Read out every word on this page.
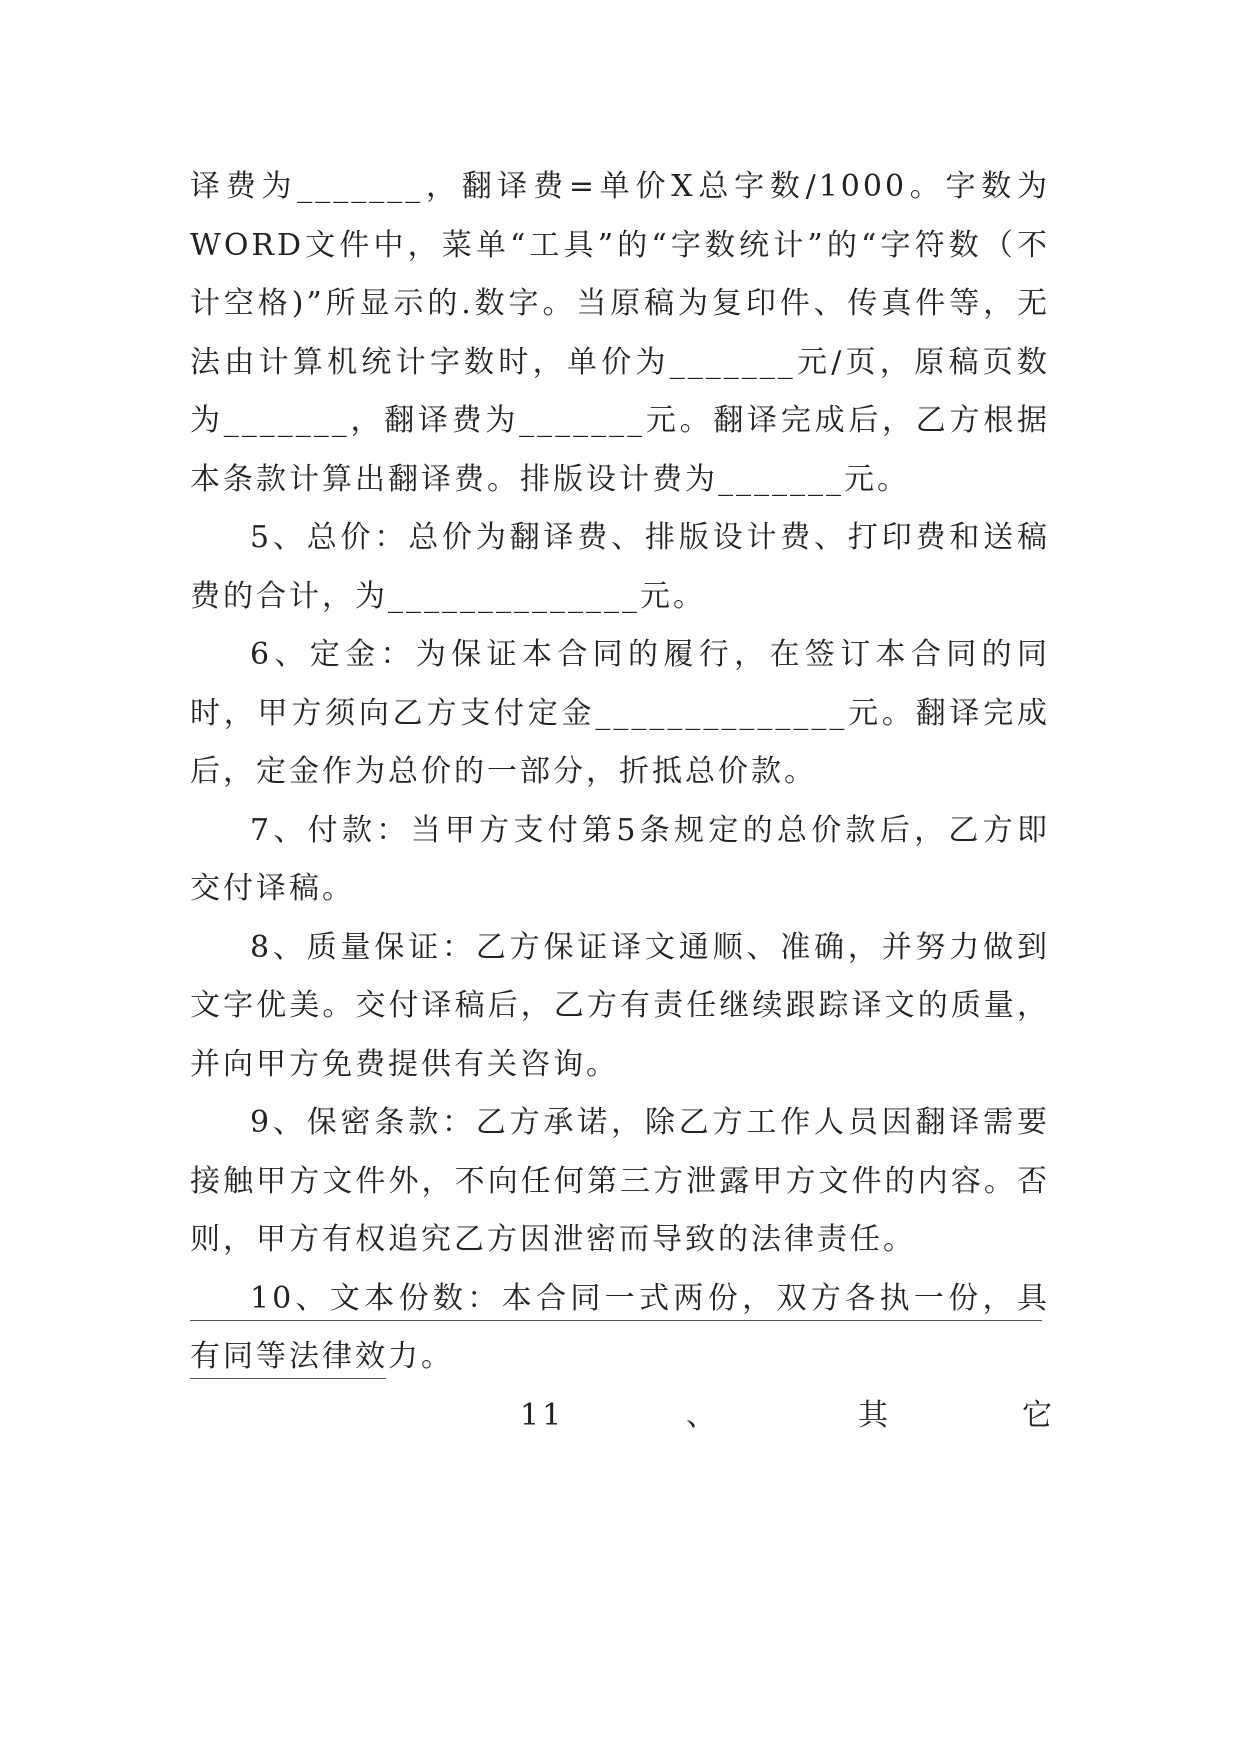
译费为_______，翻译费=单价X总字数/1000。字数为WORD文件中，菜单“工具”的“字数统计”的“字符数（不计空格)”所显示的.数字。当原稿为复印件、传真件等，无法由计算机统计字数时，单价为_______元/页，原稿页数为_______，翻译费为_______元。翻译完成后，乙方根据本条款计算出翻译费。排版设计费为_______元。

5、总价：总价为翻译费、排版设计费、打印费和送稿费的合计，为______________元。

6、定金：为保证本合同的履行，在签订本合同的同时，甲方须向乙方支付定金______________元。翻译完成后，定金作为总价的一部分，折抵总价款。

7、付款：当甲方支付第5条规定的总价款后，乙方即交付译稿。

8、质量保证：乙方保证译文通顺、准确，并努力做到文字优美。交付译稿后，乙方有责任继续跟踪译文的质量，并向甲方免费提供有关咨询。

9、保密条款：乙方承诺，除乙方工作人员因翻译需要接触甲方文件外，不向任何第三方泄露甲方文件的内容。否则，甲方有权追究乙方因泄密而导致的法律责任。

10、文本份数：本合同一式两份，双方各执一份，具有同等法律效力。

11	、	其	它
